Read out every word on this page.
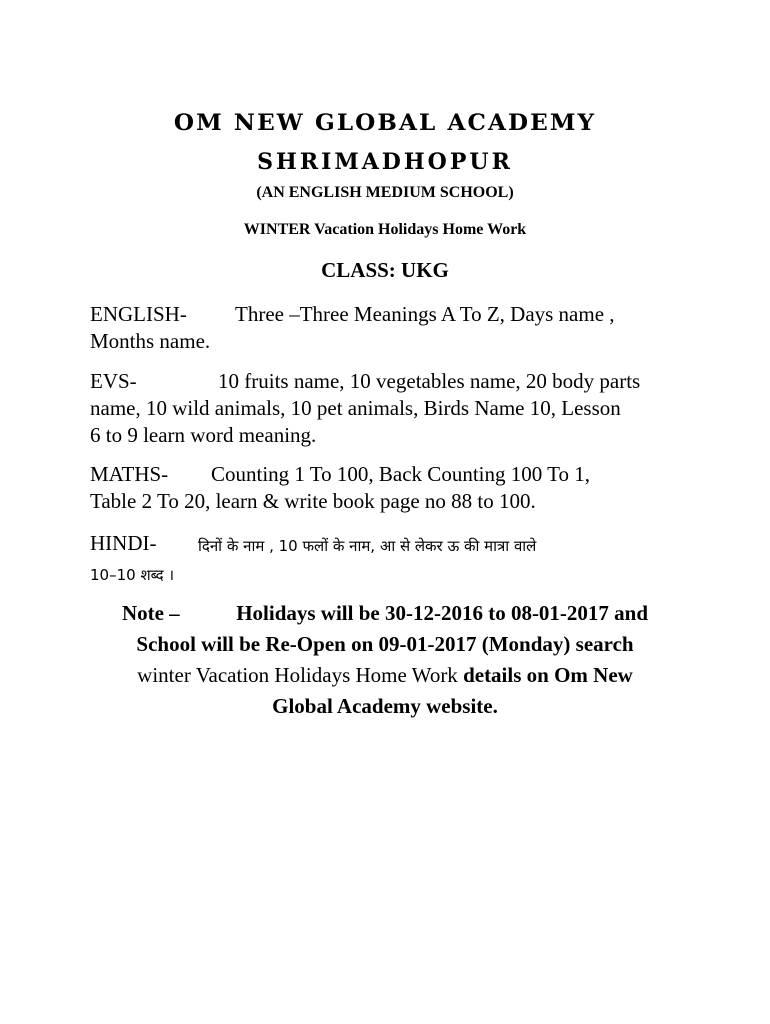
OM NEW GLOBAL ACADEMY
SHRIMADHOPUR
(AN ENGLISH MEDIUM SCHOOL)
WINTER Vacation Holidays Home Work
CLASS: UKG
ENGLISH- Three –Three Meanings A To Z, Days name ,
Months name.
EVS-	10 fruits name, 10 vegetables name, 20 body parts
name, 10 wild animals, 10 pet animals, Birds Name 10, Lesson
6 to 9 learn word meaning.
MATHS- Counting 1 To 100, Back Counting 100 To 1,
Table 2 To 20, learn & write book page no 88 to 100.
HINDI-	दिनों के नाम , 10 फलों के नाम, आ से लेकर ऊ की मात्रा वाले
10–10 शब्द ।
Note –	Holidays will be 30-12-2016 to 08-01-2017 and
School will be Re-Open on 09-01-2017 (Monday) search
winter Vacation Holidays Home Work details on Om New
Global Academy website.
